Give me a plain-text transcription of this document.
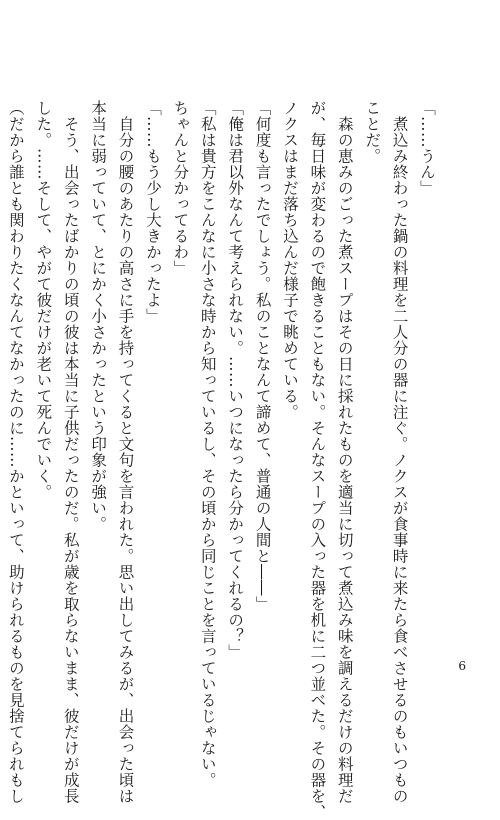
「……うん」
煮込み終わった鍋の料理を二人分の器に注ぐ。ノクスが食事時に来たら食べさせるのもいつもの
ことだ。
森の恵みのごった煮スープはその日に採れたものを適当に切って煮込み味を調えるだけの料理だ
が、毎日味が変わるので飽きることもない。そんなスープの入った器を机に二つ並べた。その器を、
ノクスはまだ落ち込んだ様子で眺めている。
「何度も言ったでしょう。私のことなんて諦めて、普通の人間と――」
「俺は君以外なんて考えられない。……いつになったら分かってくれるの？」
「私は貴方をこんなに小さな時から知っているし、その頃から同じことを言っているじゃない。
ちゃんと分かってるわ」
「……もう少し大きかったよ」
自分の腰のあたりの高さに手を持ってくると文句を言われた。思い出してみるが、出会った頃は
本当に弱っていて、とにかく小さかったという印象が強い。
そう、出会ったばかりの頃の彼は本当に子供だったのだ。私が歳を取らないまま、彼だけが成長
した。……そして、やがて彼だけが老いて死んでいく。
（だから誰とも関わりたくなんてなかったのに……かといって、助けられるものを見捨てられもし	6
